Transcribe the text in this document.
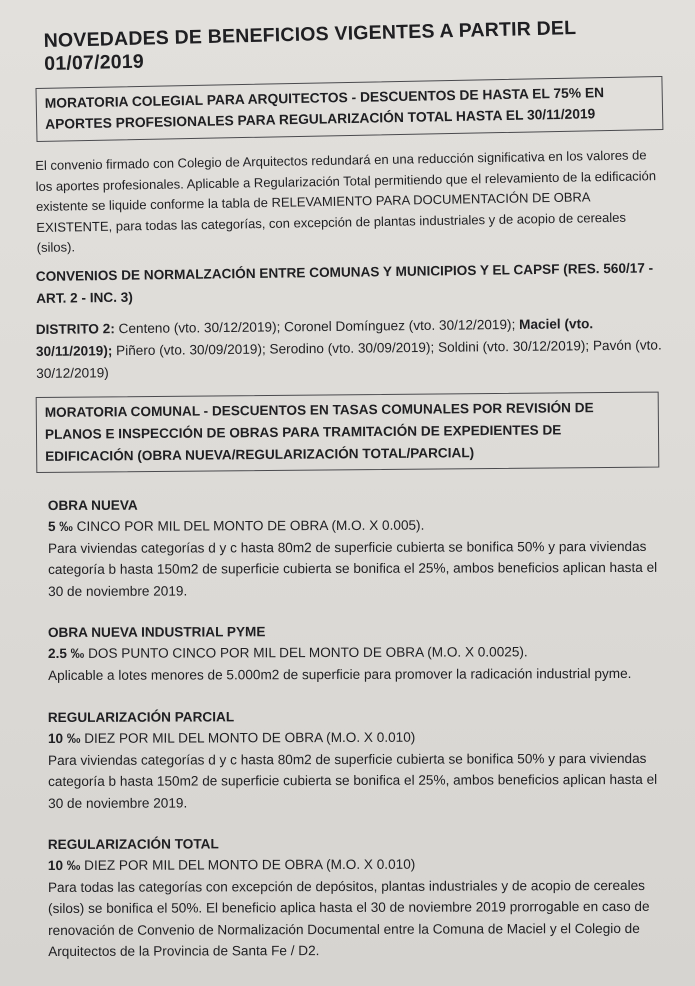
NOVEDADES DE BENEFICIOS VIGENTES A PARTIR DEL 01/07/2019
MORATORIA COLEGIAL PARA ARQUITECTOS - DESCUENTOS DE HASTA EL 75% EN APORTES PROFESIONALES PARA REGULARIZACIÓN TOTAL HASTA EL 30/11/2019
El convenio firmado con Colegio de Arquitectos redundará en una reducción significativa en los valores de los aportes profesionales. Aplicable a Regularización Total permitiendo que el relevamiento de la edificación existente se liquide conforme la tabla de RELEVAMIENTO PARA DOCUMENTACIÓN DE OBRA EXISTENTE, para todas las categorías, con excepción de plantas industriales y de acopio de cereales (silos).
CONVENIOS DE NORMALZACIÓN ENTRE COMUNAS Y MUNICIPIOS Y EL CAPSF (RES. 560/17 - ART. 2 - INC. 3)
DISTRITO 2: Centeno (vto. 30/12/2019); Coronel Domínguez (vto. 30/12/2019); Maciel (vto. 30/11/2019); Piñero (vto. 30/09/2019); Serodino (vto. 30/09/2019); Soldini (vto. 30/12/2019); Pavón (vto. 30/12/2019)
MORATORIA COMUNAL - DESCUENTOS EN TASAS COMUNALES POR REVISIÓN DE PLANOS E INSPECCIÓN DE OBRAS PARA TRAMITACIÓN DE EXPEDIENTES DE EDIFICACIÓN (OBRA NUEVA/REGULARIZACIÓN TOTAL/PARCIAL)

OBRA NUEVA

5 ‰ CINCO POR MIL DEL MONTO DE OBRA (M.O. X 0.005).

Para viviendas categorías d y c hasta 80m2 de superficie cubierta se bonifica 50% y para viviendas categoría b hasta 150m2 de superficie cubierta se bonifica el 25%, ambos beneficios aplican hasta el 30 de noviembre 2019.

OBRA NUEVA INDUSTRIAL PYME

2.5 ‰ DOS PUNTO CINCO POR MIL DEL MONTO DE OBRA (M.O. X 0.0025).

Aplicable a lotes menores de 5.000m2 de superficie para promover la radicación industrial pyme.

REGULARIZACIÓN PARCIAL

10 ‰ DIEZ POR MIL DEL MONTO DE OBRA (M.O. X 0.010)

Para viviendas categorías d y c hasta 80m2 de superficie cubierta se bonifica 50% y para viviendas categoría b hasta 150m2 de superficie cubierta se bonifica el 25%, ambos beneficios aplican hasta el 30 de noviembre 2019.

REGULARIZACIÓN TOTAL

10 ‰ DIEZ POR MIL DEL MONTO DE OBRA (M.O. X 0.010)

Para todas las categorías con excepción de depósitos, plantas industriales y de acopio de cereales (silos) se bonifica el 50%. El beneficio aplica hasta el 30 de noviembre 2019 prorrogable en caso de renovación de Convenio de Normalización Documental entre la Comuna de Maciel y el Colegio de Arquitectos de la Provincia de Santa Fe / D2.
